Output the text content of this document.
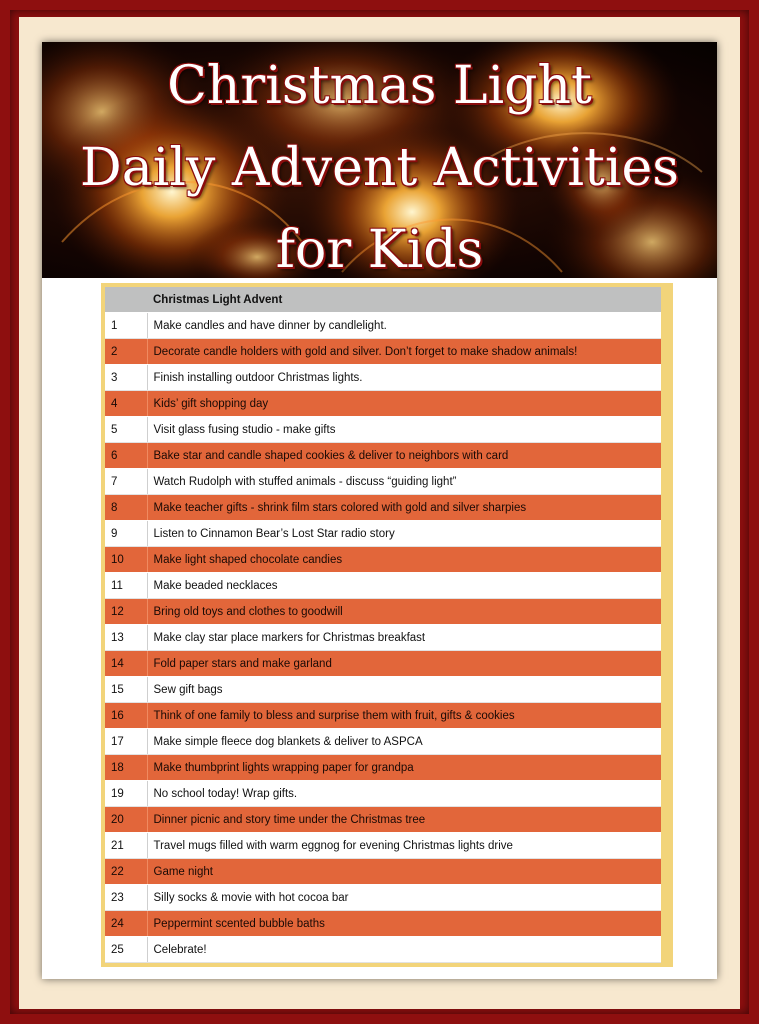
Christmas Light
Daily Advent Activities
for Kids
	Christmas Light Advent
1	Make candles and have dinner by candlelight.
2	Decorate candle holders with gold and silver. Don’t forget to make shadow animals!
3	Finish installing outdoor Christmas lights.
4	Kids’ gift shopping day
5	Visit glass fusing studio - make gifts
6	Bake star and candle shaped cookies & deliver to neighbors with card
7	Watch Rudolph with stuffed animals - discuss “guiding light”
8	Make teacher gifts - shrink film stars colored with gold and silver sharpies
9	Listen to Cinnamon Bear’s Lost Star radio story
10	Make light shaped chocolate candies
11	Make beaded necklaces
12	Bring old toys and clothes to goodwill
13	Make clay star place markers for Christmas breakfast
14	Fold paper stars and make garland
15	Sew gift bags
16	Think of one family to bless and surprise them with fruit, gifts & cookies
17	Make simple fleece dog blankets & deliver to ASPCA
18	Make thumbprint lights wrapping paper for grandpa
19	No school today! Wrap gifts.
20	Dinner picnic and story time under the Christmas tree
21	Travel mugs filled with warm eggnog for evening Christmas lights drive
22	Game night
23	Silly socks & movie with hot cocoa bar
24	Peppermint scented bubble baths
25	Celebrate!
